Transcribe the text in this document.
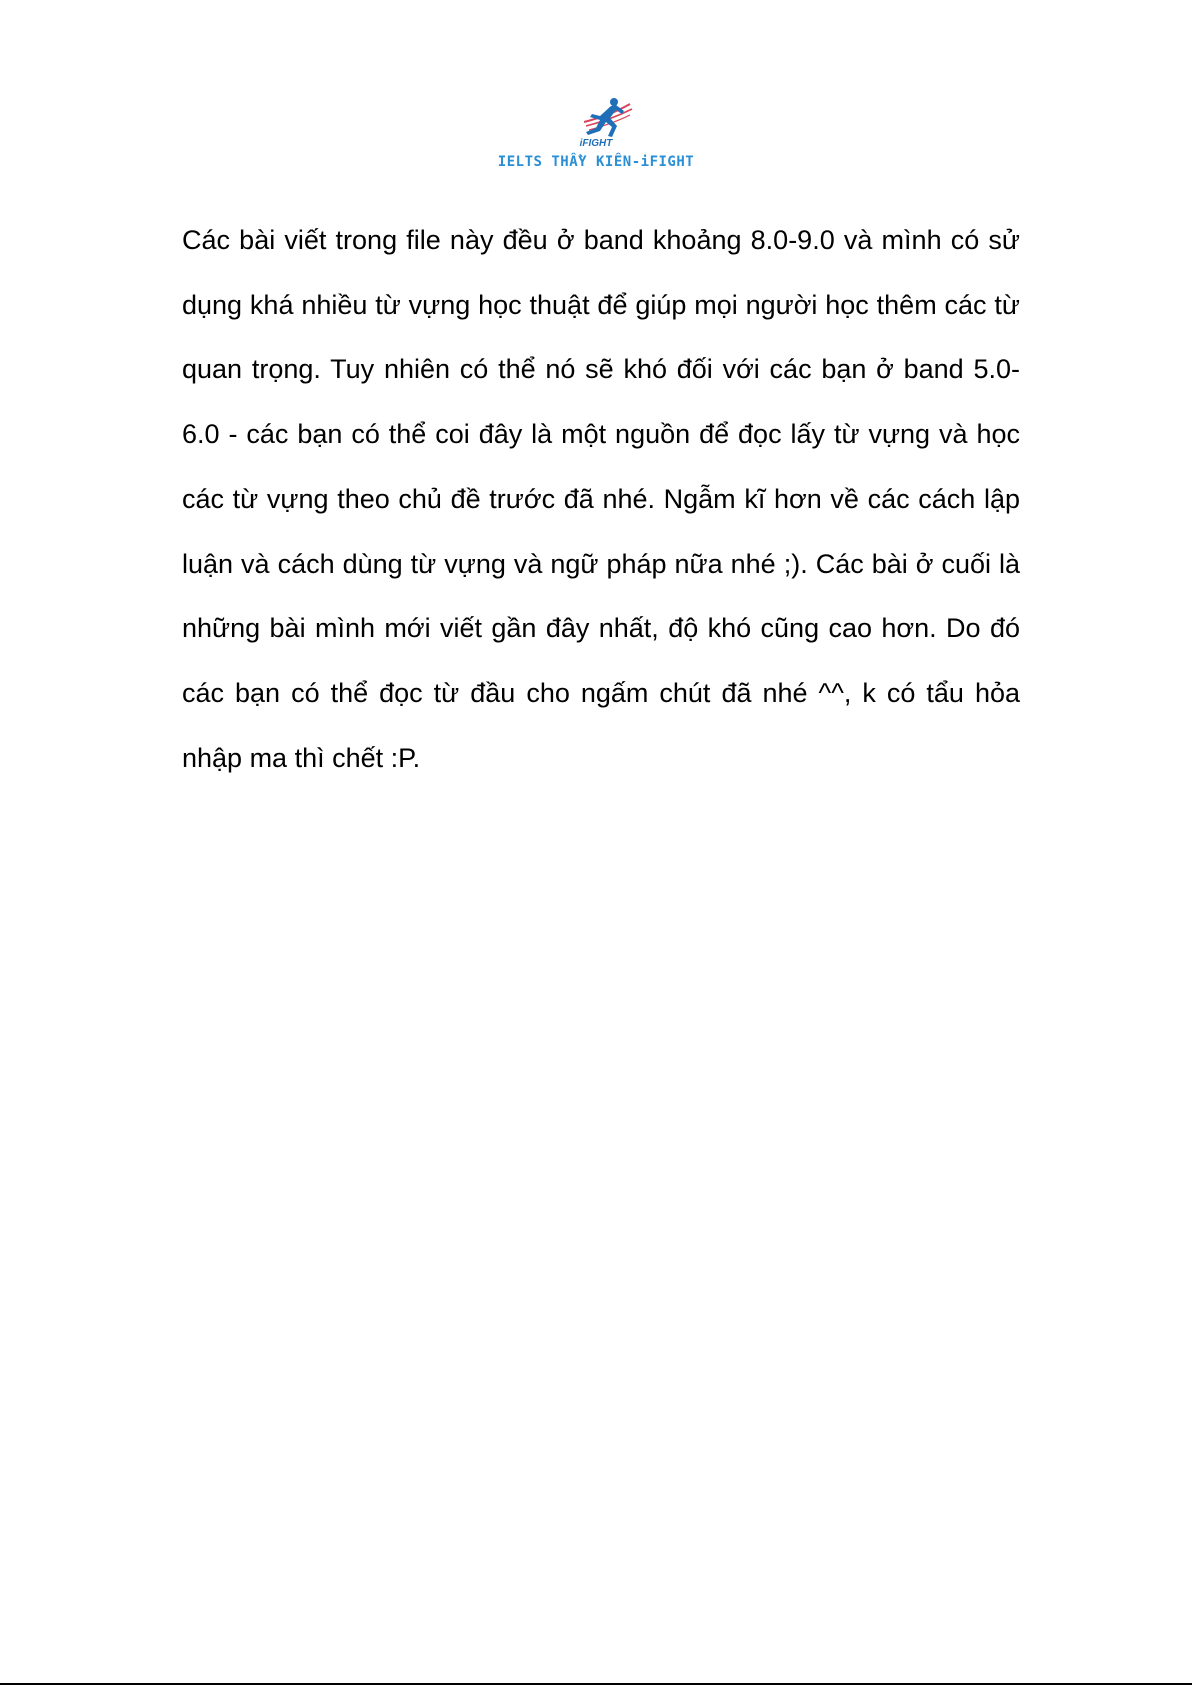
iFIGHT
IELTS THẦY KIÊN-iFIGHT

Các bài viết trong file này đều ở band khoảng 8.0-9.0 và mình có sử dụng khá nhiều từ vựng học thuật để giúp mọi người học thêm các từ quan trọng. Tuy nhiên có thể nó sẽ khó đối với các bạn ở band 5.0-6.0 - các bạn có thể coi đây là một nguồn để đọc lấy từ vựng và học các từ vựng theo chủ đề trước đã nhé. Ngẫm kĩ hơn về các cách lập luận và cách dùng từ vựng và ngữ pháp nữa nhé ;). Các bài ở cuối là những bài mình mới viết gần đây nhất, độ khó cũng cao hơn. Do đó các bạn có thể đọc từ đầu cho ngấm chút đã nhé ^^, k có tẩu hỏa nhập ma thì chết :P.
